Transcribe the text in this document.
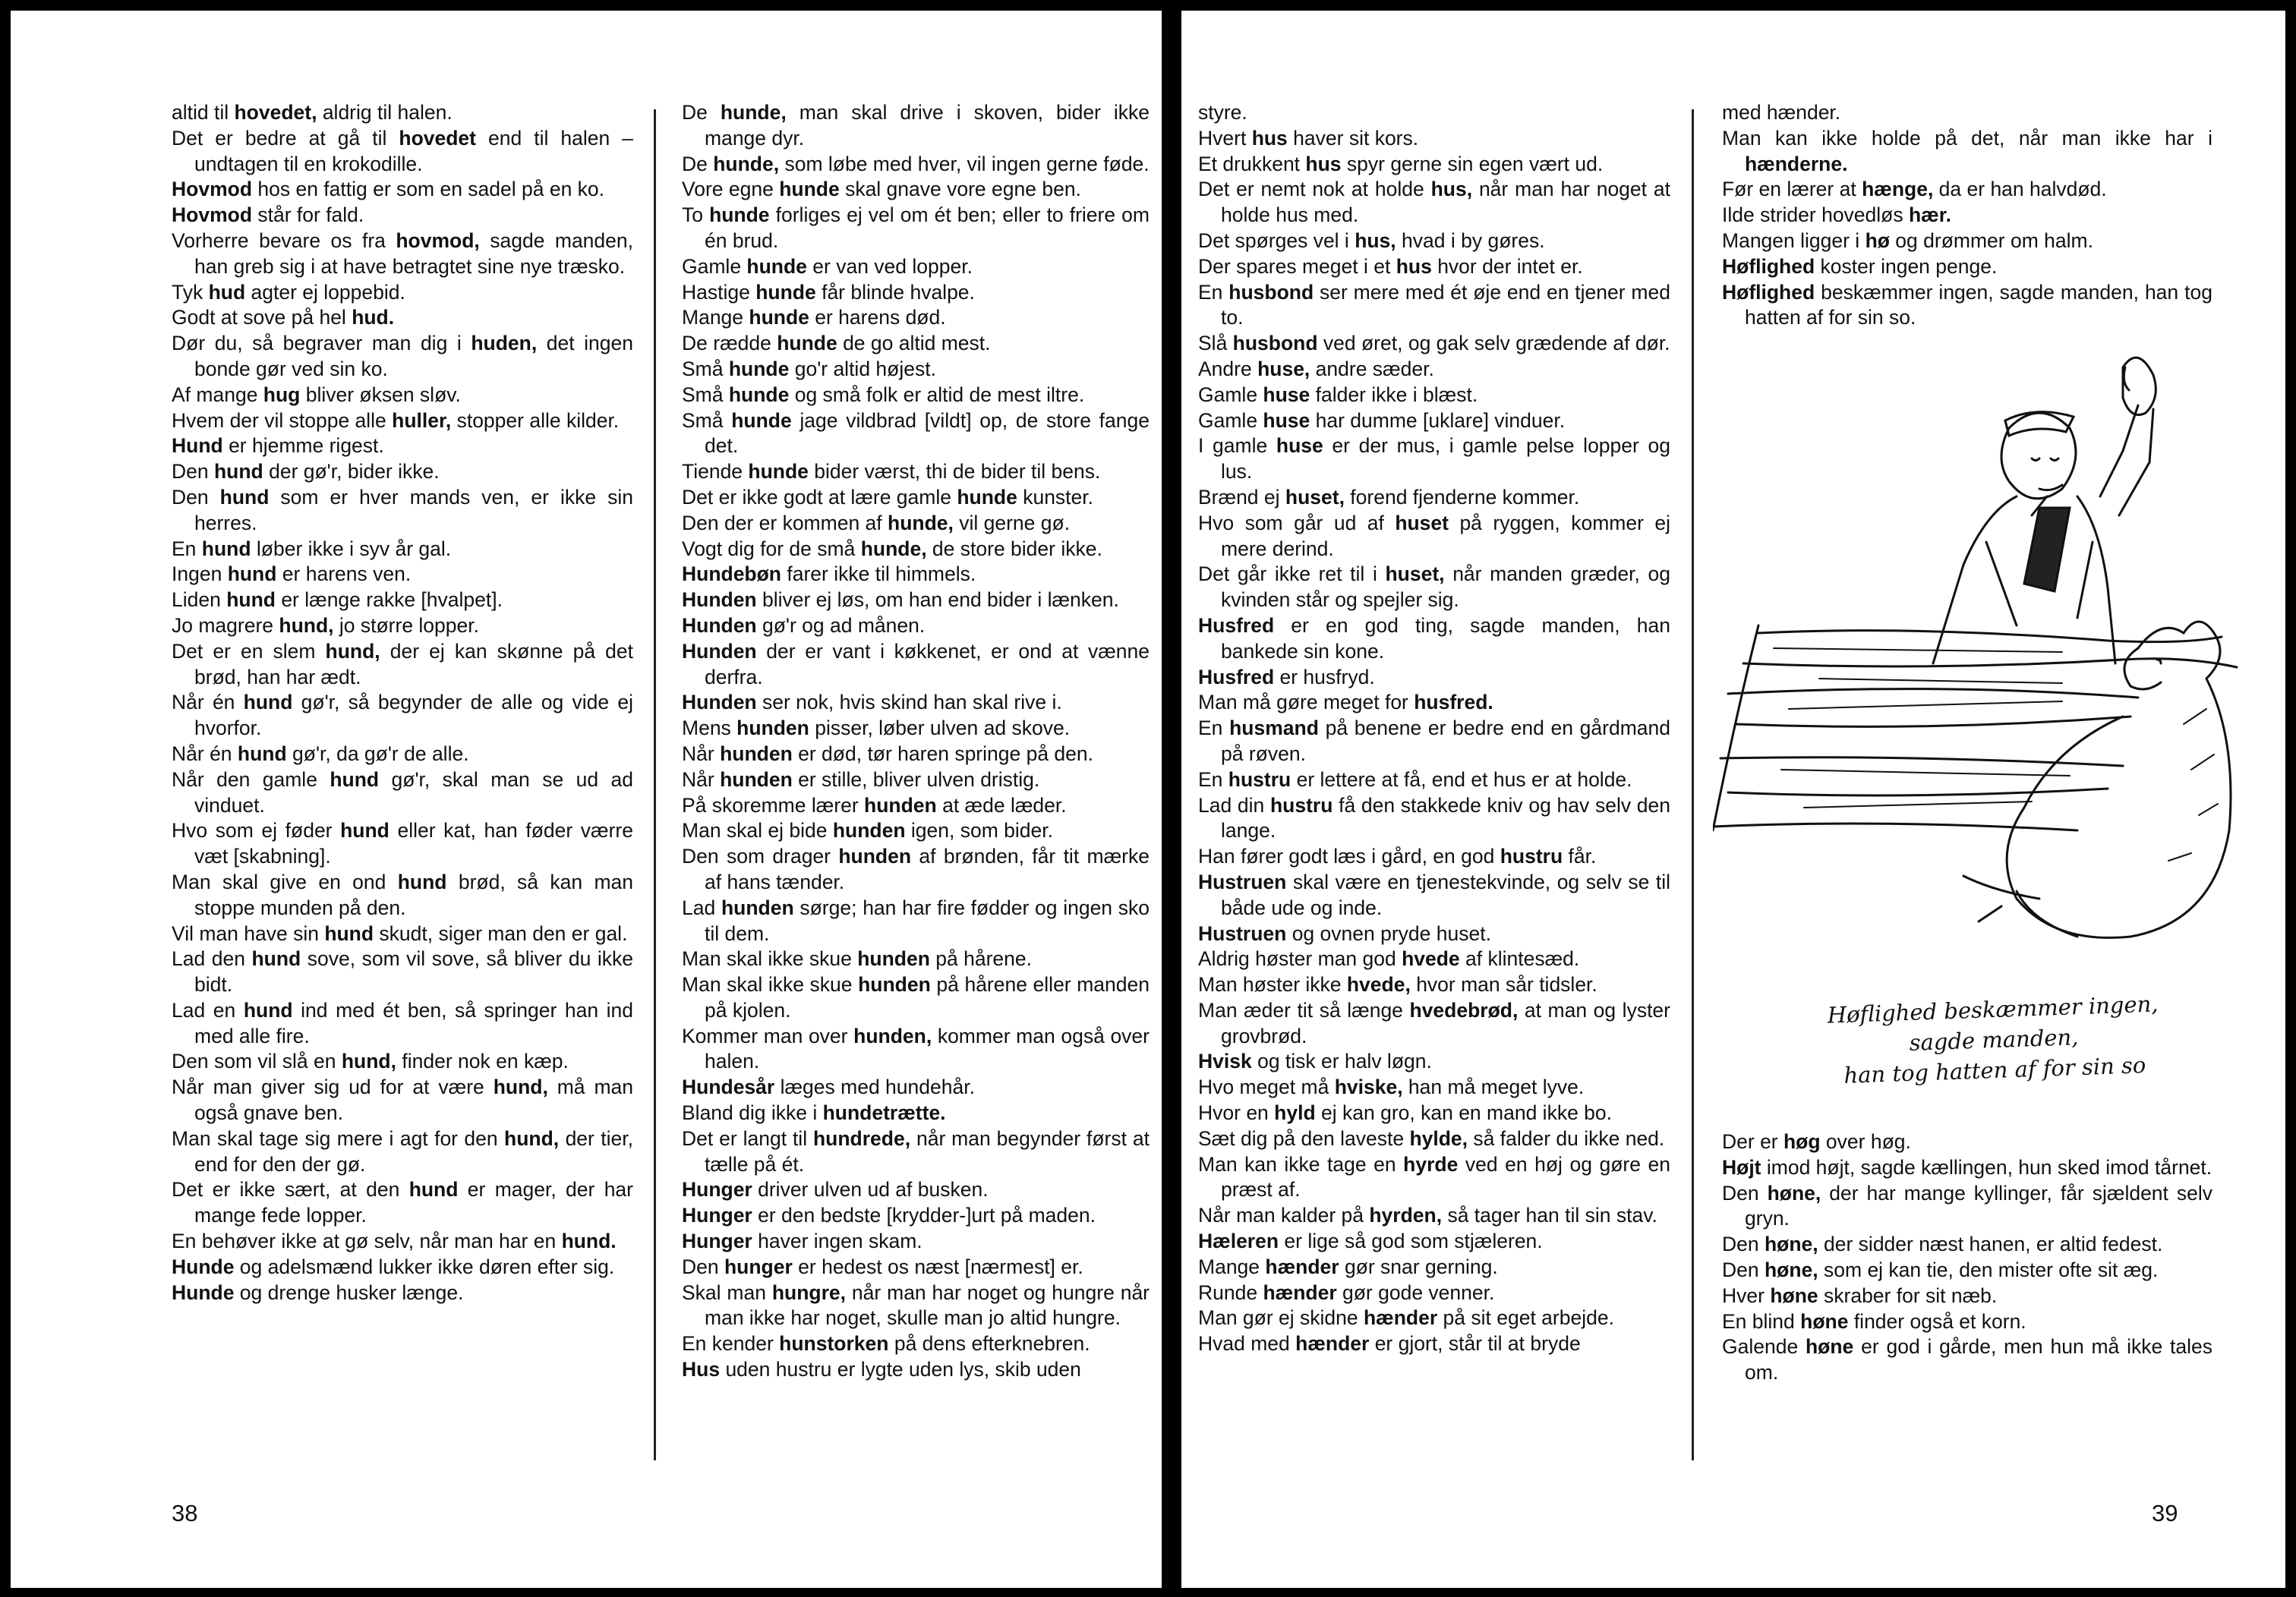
altid til hovedet, aldrig til halen.

Det er bedre at gå til hovedet end til halen – undtagen til en krokodille.

Hovmod hos en fattig er som en sadel på en ko.

Hovmod står for fald.

Vorherre bevare os fra hovmod, sagde manden, han greb sig i at have betragtet sine nye træsko.

Tyk hud agter ej loppebid.

Godt at sove på hel hud.

Dør du, så begraver man dig i huden, det ingen bonde gør ved sin ko.

Af mange hug bliver øksen sløv.

Hvem der vil stoppe alle huller, stopper alle kilder.

Hund er hjemme rigest.

Den hund der gø'r, bider ikke.

Den hund som er hver mands ven, er ikke sin herres.

En hund løber ikke i syv år gal.

Ingen hund er harens ven.

Liden hund er længe rakke [hvalpet].

Jo magrere hund, jo større lopper.

Det er en slem hund, der ej kan skønne på det brød, han har ædt.

Når én hund gø'r, så begynder de alle og vide ej hvorfor.

Når én hund gø'r, da gø'r de alle.

Når den gamle hund gø'r, skal man se ud ad vinduet.

Hvo som ej føder hund eller kat, han føder værre væt [skabning].

Man skal give en ond hund brød, så kan man stoppe munden på den.

Vil man have sin hund skudt, siger man den er gal.

Lad den hund sove, som vil sove, så bliver du ikke bidt.

Lad en hund ind med ét ben, så springer han ind med alle fire.

Den som vil slå en hund, finder nok en kæp.

Når man giver sig ud for at være hund, må man også gnave ben.

Man skal tage sig mere i agt for den hund, der tier, end for den der gø.

Det er ikke sært, at den hund er mager, der har mange fede lopper.

En behøver ikke at gø selv, når man har en hund.

Hunde og adelsmænd lukker ikke døren efter sig.

Hunde og drenge husker længe.

De hunde, man skal drive i skoven, bider ikke mange dyr.

De hunde, som løbe med hver, vil ingen gerne føde.

Vore egne hunde skal gnave vore egne ben.

To hunde forliges ej vel om ét ben; eller to friere om én brud.

Gamle hunde er van ved lopper.

Hastige hunde får blinde hvalpe.

Mange hunde er harens død.

De rædde hunde de go altid mest.

Små hunde go'r altid højest.

Små hunde og små folk er altid de mest iltre.

Små hunde jage vildbrad [vildt] op, de store fange det.

Tiende hunde bider værst, thi de bider til bens.

Det er ikke godt at lære gamle hunde kunster.

Den der er kommen af hunde, vil gerne gø.

Vogt dig for de små hunde, de store bider ikke.

Hundebøn farer ikke til himmels.

Hunden bliver ej løs, om han end bider i lænken.

Hunden gø'r og ad månen.

Hunden der er vant i køkkenet, er ond at vænne derfra.

Hunden ser nok, hvis skind han skal rive i.

Mens hunden pisser, løber ulven ad skove.

Når hunden er død, tør haren springe på den.

Når hunden er stille, bliver ulven dristig.

På skoremme lærer hunden at æde læder.

Man skal ej bide hunden igen, som bider.

Den som drager hunden af brønden, får tit mærke af hans tænder.

Lad hunden sørge; han har fire fødder og ingen sko til dem.

Man skal ikke skue hunden på hårene.

Man skal ikke skue hunden på hårene eller manden på kjolen.

Kommer man over hunden, kommer man også over halen.

Hundesår læges med hundehår.

Bland dig ikke i hundetrætte.

Det er langt til hundrede, når man begynder først at tælle på ét.

Hunger driver ulven ud af busken.

Hunger er den bedste [krydder-]urt på maden.

Hunger haver ingen skam.

Den hunger er hedest os næst [nærmest] er.

Skal man hungre, når man har noget og hungre når man ikke har noget, skulle man jo altid hungre.

En kender hunstorken på dens efterknebren.

Hus uden hustru er lygte uden lys, skib uden

38

styre.

Hvert hus haver sit kors.

Et drukkent hus spyr gerne sin egen vært ud.

Det er nemt nok at holde hus, når man har noget at holde hus med.

Det spørges vel i hus, hvad i by gøres.

Der spares meget i et hus hvor der intet er.

En husbond ser mere med ét øje end en tjener med to.

Slå husbond ved øret, og gak selv grædende af dør.

Andre huse, andre sæder.

Gamle huse falder ikke i blæst.

Gamle huse har dumme [uklare] vinduer.

I gamle huse er der mus, i gamle pelse lopper og lus.

Brænd ej huset, forend fjenderne kommer.

Hvo som går ud af huset på ryggen, kommer ej mere derind.

Det går ikke ret til i huset, når manden græder, og kvinden står og spejler sig.

Husfred er en god ting, sagde manden, han bankede sin kone.

Husfred er husfryd.

Man må gøre meget for husfred.

En husmand på benene er bedre end en gårdmand på røven.

En hustru er lettere at få, end et hus er at holde.

Lad din hustru få den stakkede kniv og hav selv den lange.

Han fører godt læs i gård, en god hustru får.

Hustruen skal være en tjenestekvinde, og selv se til både ude og inde.

Hustruen og ovnen pryde huset.

Aldrig høster man god hvede af klintesæd.

Man høster ikke hvede, hvor man sår tidsler.

Man æder tit så længe hvedebrød, at man og lyster grovbrød.

Hvisk og tisk er halv løgn.

Hvo meget må hviske, han må meget lyve.

Hvor en hyld ej kan gro, kan en mand ikke bo.

Sæt dig på den laveste hylde, så falder du ikke ned.

Man kan ikke tage en hyrde ved en høj og gøre en præst af.

Når man kalder på hyrden, så tager han til sin stav.

Hæleren er lige så god som stjæleren.

Mange hænder gør snar gerning.

Runde hænder gør gode venner.

Man gør ej skidne hænder på sit eget arbejde.

Hvad med hænder er gjort, står til at bryde

med hænder.

Man kan ikke holde på det, når man ikke har i hænderne.

Før en lærer at hænge, da er han halvdød.

Ilde strider hovedløs hær.

Mangen ligger i hø og drømmer om halm.

Høflighed koster ingen penge.

Høflighed beskæmmer ingen, sagde manden, han tog hatten af for sin so.

Høflighed beskæmmer ingen,
sagde manden,
han tog hatten af for sin so

Der er høg over høg.

Højt imod højt, sagde kællingen, hun sked imod tårnet.

Den høne, der har mange kyllinger, får sjældent selv gryn.

Den høne, der sidder næst hanen, er altid fedest.

Den høne, som ej kan tie, den mister ofte sit æg.

Hver høne skraber for sit næb.

En blind høne finder også et korn.

Galende høne er god i gårde, men hun må ikke tales om.

39
